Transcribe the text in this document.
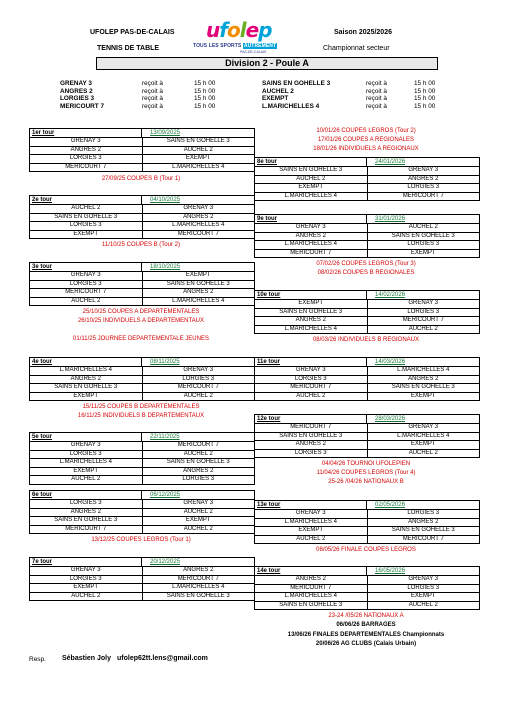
UFOLEP PAS-DE-CALAIS
TENNIS DE TABLE
ufolep
TOUS LES SPORTS AUTREMENT
PAS-DE-CALAIS
Saison 2025/2026
Championnat secteur
Division 2 - Poule A
GRENAY 3	reçoit à	15 h 00
ANGRES 2	reçoit à	15 h 00
LORGIES 3	reçoit à	15 h 00
MERICOURT 7	reçoit à	15 h 00
SAINS EN GOHELLE 3	reçoit à	15 h 00
AUCHEL 2	reçoit à	15 h 00
EXEMPT	reçoit à	15 h 00
L.MARICHELLES 4	reçoit à	15 h 00
1er tour	13/09/2025
GRENAY 3	SAINS EN GOHELLE 3
ANGRES 2	AUCHEL 2
LORGIES 3	EXEMPT
MERICOURT 7	L.MARICHELLES 4
27/09/25 COUPES B (Tour 1)
2e tour	04/10/2025
AUCHEL 2	GRENAY 3
SAINS EN GOHELLE 3	ANGRES 2
LORGIES 3	L.MARICHELLES 4
EXEMPT	MERICOURT 7
11/10/25 COUPES B (Tour 2)
3e tour	18/10/2025
GRENAY 3	EXEMPT
LORGIES 3	SAINS EN GOHELLE 3
MERICOURT 7	ANGRES 2
AUCHEL 2	L.MARICHELLES 4
25/10/25 COUPES A DEPARTEMENTALES
26/10/25 INDIVIDUELS A DEPARTEMENTAUX
01/11/25 JOURNEE DEPARTEMENTALE JEUNES
4e tour	08/11/2025
L.MARICHELLES 4	GRENAY 3
ANGRES 2	LORGIES 3
SAINS EN GOHELLE 3	MERICOURT 7
EXEMPT	AUCHEL 2
15/11/25 COUPES B DEPARTEMENTALES
16/11/25 INDIVIDUELS B DEPARTEMENTAUX
5e tour	22/11/2025
GRENAY 3	MERICOURT 7
LORGIES 3	AUCHEL 2
L.MARICHELLES 4	SAINS EN GOHELLE 3
EXEMPT	ANGRES 2
AUCHEL 2	LORGIES 3
6e tour	06/12/2025
LORGIES 3	GRENAY 3
ANGRES 2	AUCHEL 2
SAINS EN GOHELLE 3	EXEMPT
MERICOURT 7	AUCHEL 2
13/12/25 COUPES LEGROS (Tour 1)
7e tour	20/12/2025
GRENAY 3	ANGRES 2
LORGIES 3	MERICOURT 7
EXEMPT	L.MARICHELLES 4
AUCHEL 2	SAINS EN GOHELLE 3
10/01/26 COUPES LEGROS (Tour 2)
17/01/26 COUPES A REGIONALES
18/01/26 INDIVIDUELS A REGIONAUX
8e tour	24/01/2026
SAINS EN GOHELLE 3	GRENAY 3
AUCHEL 2	ANGRES 2
EXEMPT	LORGIES 3
L.MARICHELLES 4	MERICOURT 7
9e tour	31/01/2026
GRENAY 3	AUCHEL 2
ANGRES 2	SAINS EN GOHELLE 3
L.MARICHELLES 4	LORGIES 3
MERICOURT 7	EXEMPT
07/02/26 COUPES LEGROS (Tour 3)
08/02/26 COUPES B REGIONALES
10e tour	14/02/2026
EXEMPT	GRENAY 3
SAINS EN GOHELLE 3	LORGIES 3
ANGRES 2	MERICOURT 7
L.MARICHELLES 4	AUCHEL 2
08/03/26 INDIVIDUELS B REGIONAUX
11e tour	14/03/2026
GRENAY 3	L.MARICHELLES 4
LORGIES 3	ANGRES 2
MERICOURT 7	SAINS EN GOHELLE 3
AUCHEL 2	EXEMPT
12e tour	28/03/2026
MERICOURT 7	GRENAY 3
SAINS EN GOHELLE 3	L.MARICHELLES 4
ANGRES 2	EXEMPT
LORGIES 3	AUCHEL 2
04/04/26 TOURNOI UFOLEPIEN
11/04/26 COUPES LEGROS (Tour 4)
25-26 /04/26 NATIONAUX B
13e tour	02/05/2026
GRENAY 3	LORGIES 3
L.MARICHELLES 4	ANGRES 2
EXEMPT	SAINS EN GOHELLE 3
AUCHEL 2	MERICOURT 7
08/05/26 FINALE COUPES LEGROS
14e tour	16/05/2026
ANGRES 2	GRENAY 3
MERICOURT 7	LORGIES 3
L.MARICHELLES 4	EXEMPT
SAINS EN GOHELLE 3	AUCHEL 2
23-24 /05/26 NATIONAUX A
06/06/26 BARRAGES
13/06/26 FINALES DEPARTEMENTALES Championnats
20/06/26 AG CLUBS (Calais Urbain)
Resp. Sébastien Joly ufolep62tt.lens@gmail.com
